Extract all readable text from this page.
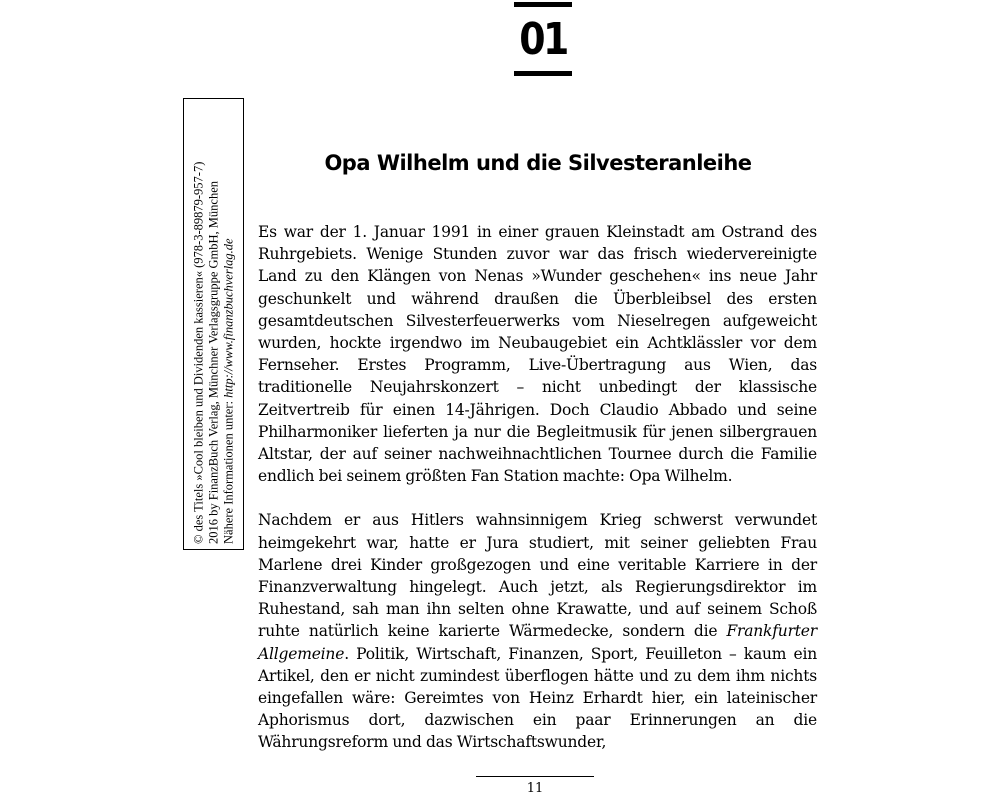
01
© des Titels »Cool bleiben und Dividenden kassieren« (978-3-89879-957-7) 2016 by FinanzBuch Verlag, Münchner Verlagsgruppe GmbH, München Nähere Informationen unter: http://www.finanzbuchverlag.de
Opa Wilhelm und die Silvesteranleihe

Es war der 1. Januar 1991 in einer grauen Kleinstadt am Ostrand des Ruhrgebiets. Wenige Stunden zuvor war das frisch wiedervereinigte Land zu den Klängen von Nenas »Wunder geschehen« ins neue Jahr geschunkelt und während draußen die Überbleibsel des ersten gesamtdeutschen Silvesterfeuerwerks vom Nieselregen aufgeweicht wurden, hockte irgendwo im Neubaugebiet ein Achtklässler vor dem Fernseher. Erstes Programm, Live-Übertragung aus Wien, das traditionelle Neujahrskonzert – nicht unbedingt der klassische Zeitvertreib für einen 14-Jährigen. Doch Claudio Abbado und seine Philharmoniker lieferten ja nur die Begleitmusik für jenen silbergrauen Altstar, der auf seiner nachweihnachtlichen Tournee durch die Familie endlich bei seinem größten Fan Station machte: Opa Wilhelm.

Nachdem er aus Hitlers wahnsinnigem Krieg schwerst verwundet heimgekehrt war, hatte er Jura studiert, mit seiner geliebten Frau Marlene drei Kinder großgezogen und eine veritable Karriere in der Finanzverwaltung hingelegt. Auch jetzt, als Regierungsdirektor im Ruhestand, sah man ihn selten ohne Krawatte, und auf seinem Schoß ruhte natürlich keine karierte Wärmedecke, sondern die Frankfurter Allgemeine. Politik, Wirtschaft, Finanzen, Sport, Feuilleton – kaum ein Artikel, den er nicht zumindest überflogen hätte und zu dem ihm nichts eingefallen wäre: Gereimtes von Heinz Erhardt hier, ein lateinischer Aphorismus dort, dazwischen ein paar Erinnerungen an die Währungsreform und das Wirtschaftswunder,

11
